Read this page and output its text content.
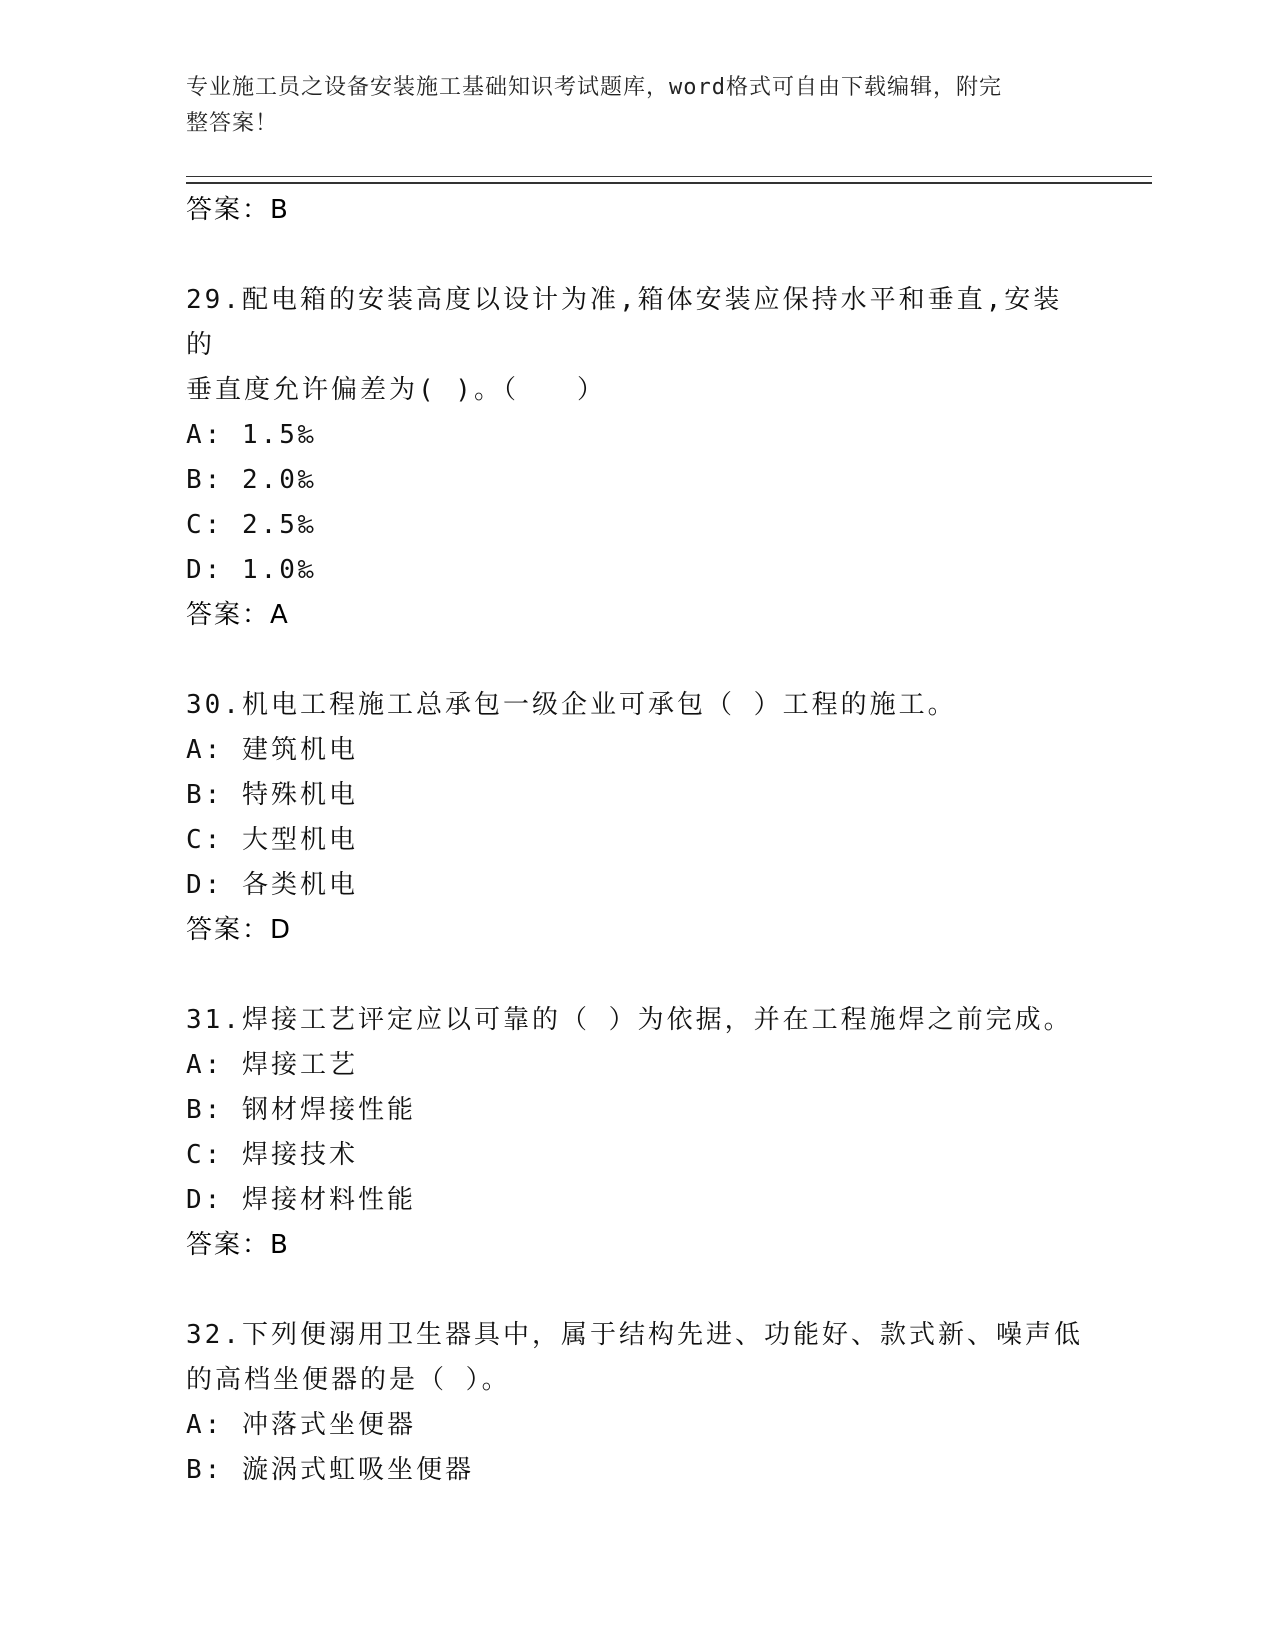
专业施工员之设备安装施工基础知识考试题库，word格式可自由下载编辑，附完
整答案！
答案：B
29.配电箱的安装高度以设计为准,箱体安装应保持水平和垂直,安装的
垂直度允许偏差为( )。（　　）
A: 1.5‰
B: 2.0‰
C: 2.5‰
D: 1.0‰
答案：A
30.机电工程施工总承包一级企业可承包（ ）工程的施工。
A: 建筑机电
B: 特殊机电
C: 大型机电
D: 各类机电
答案：D
31.焊接工艺评定应以可靠的（ ）为依据，并在工程施焊之前完成。
A: 焊接工艺
B: 钢材焊接性能
C: 焊接技术
D: 焊接材料性能
答案：B
32.下列便溺用卫生器具中，属于结构先进、功能好、款式新、噪声低
的高档坐便器的是（ ）。
A: 冲落式坐便器
B: 漩涡式虹吸坐便器
